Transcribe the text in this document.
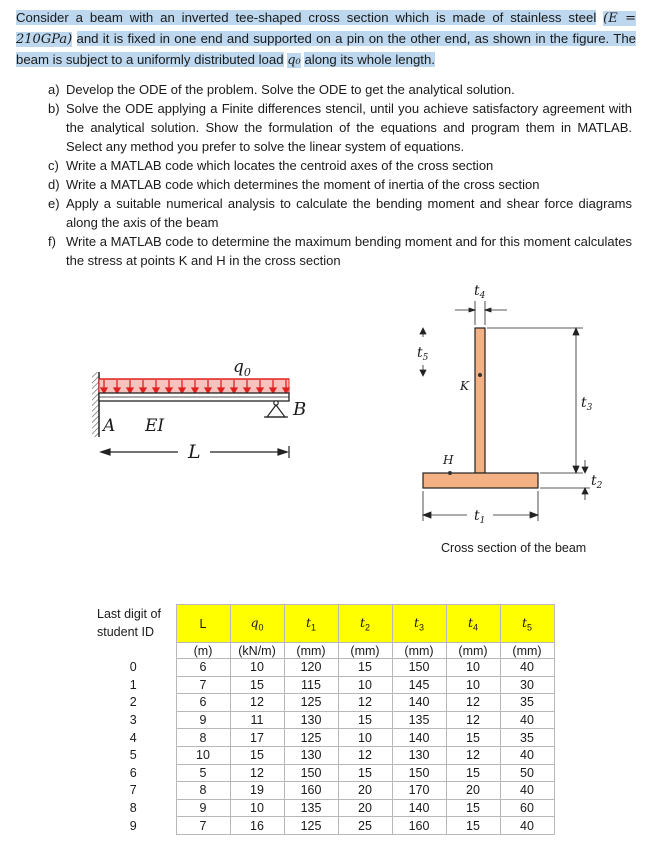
Consider a beam with an inverted tee-shaped cross section which is made of stainless steel (E = 210GPa) and it is fixed in one end and supported on a pin on the other end, as shown in the figure. The beam is subject to a uniformly distributed load q₀ along its whole length.
a) Develop the ODE of the problem. Solve the ODE to get the analytical solution.
b) Solve the ODE applying a Finite differences stencil, until you achieve satisfactory agreement with the analytical solution. Show the formulation of the equations and program them in MATLAB. Select any method you prefer to solve the linear system of equations.
c) Write a MATLAB code which locates the centroid axes of the cross section
d) Write a MATLAB code which determines the moment of inertia of the cross section
e) Apply a suitable numerical analysis to calculate the bending moment and shear force diagrams along the axis of the beam
f) Write a MATLAB code to determine the maximum bending moment and for this moment calculates the stress at points K and H in the cross section
$q_0$
A EI
B
L
$t_4$
$t_5$
K
H
$t_3$
$t_2$
$t_1$
Cross section of the beam
Last digit of student ID	L	$q_0$	$t_1$	$t_2$	$t_3$	$t_4$	$t_5$
	(m)	(kN/m)	(mm)	(mm)	(mm)	(mm)	(mm)
0	6	10	120	15	150	10	40
1	7	15	115	10	145	10	30
2	6	12	125	12	140	12	35
3	9	11	130	15	135	12	40
4	8	17	125	10	140	15	35
5	10	15	130	12	130	12	40
6	5	12	150	15	150	15	50
7	8	19	160	20	170	20	40
8	9	10	135	20	140	15	60
9	7	16	125	25	160	15	40
